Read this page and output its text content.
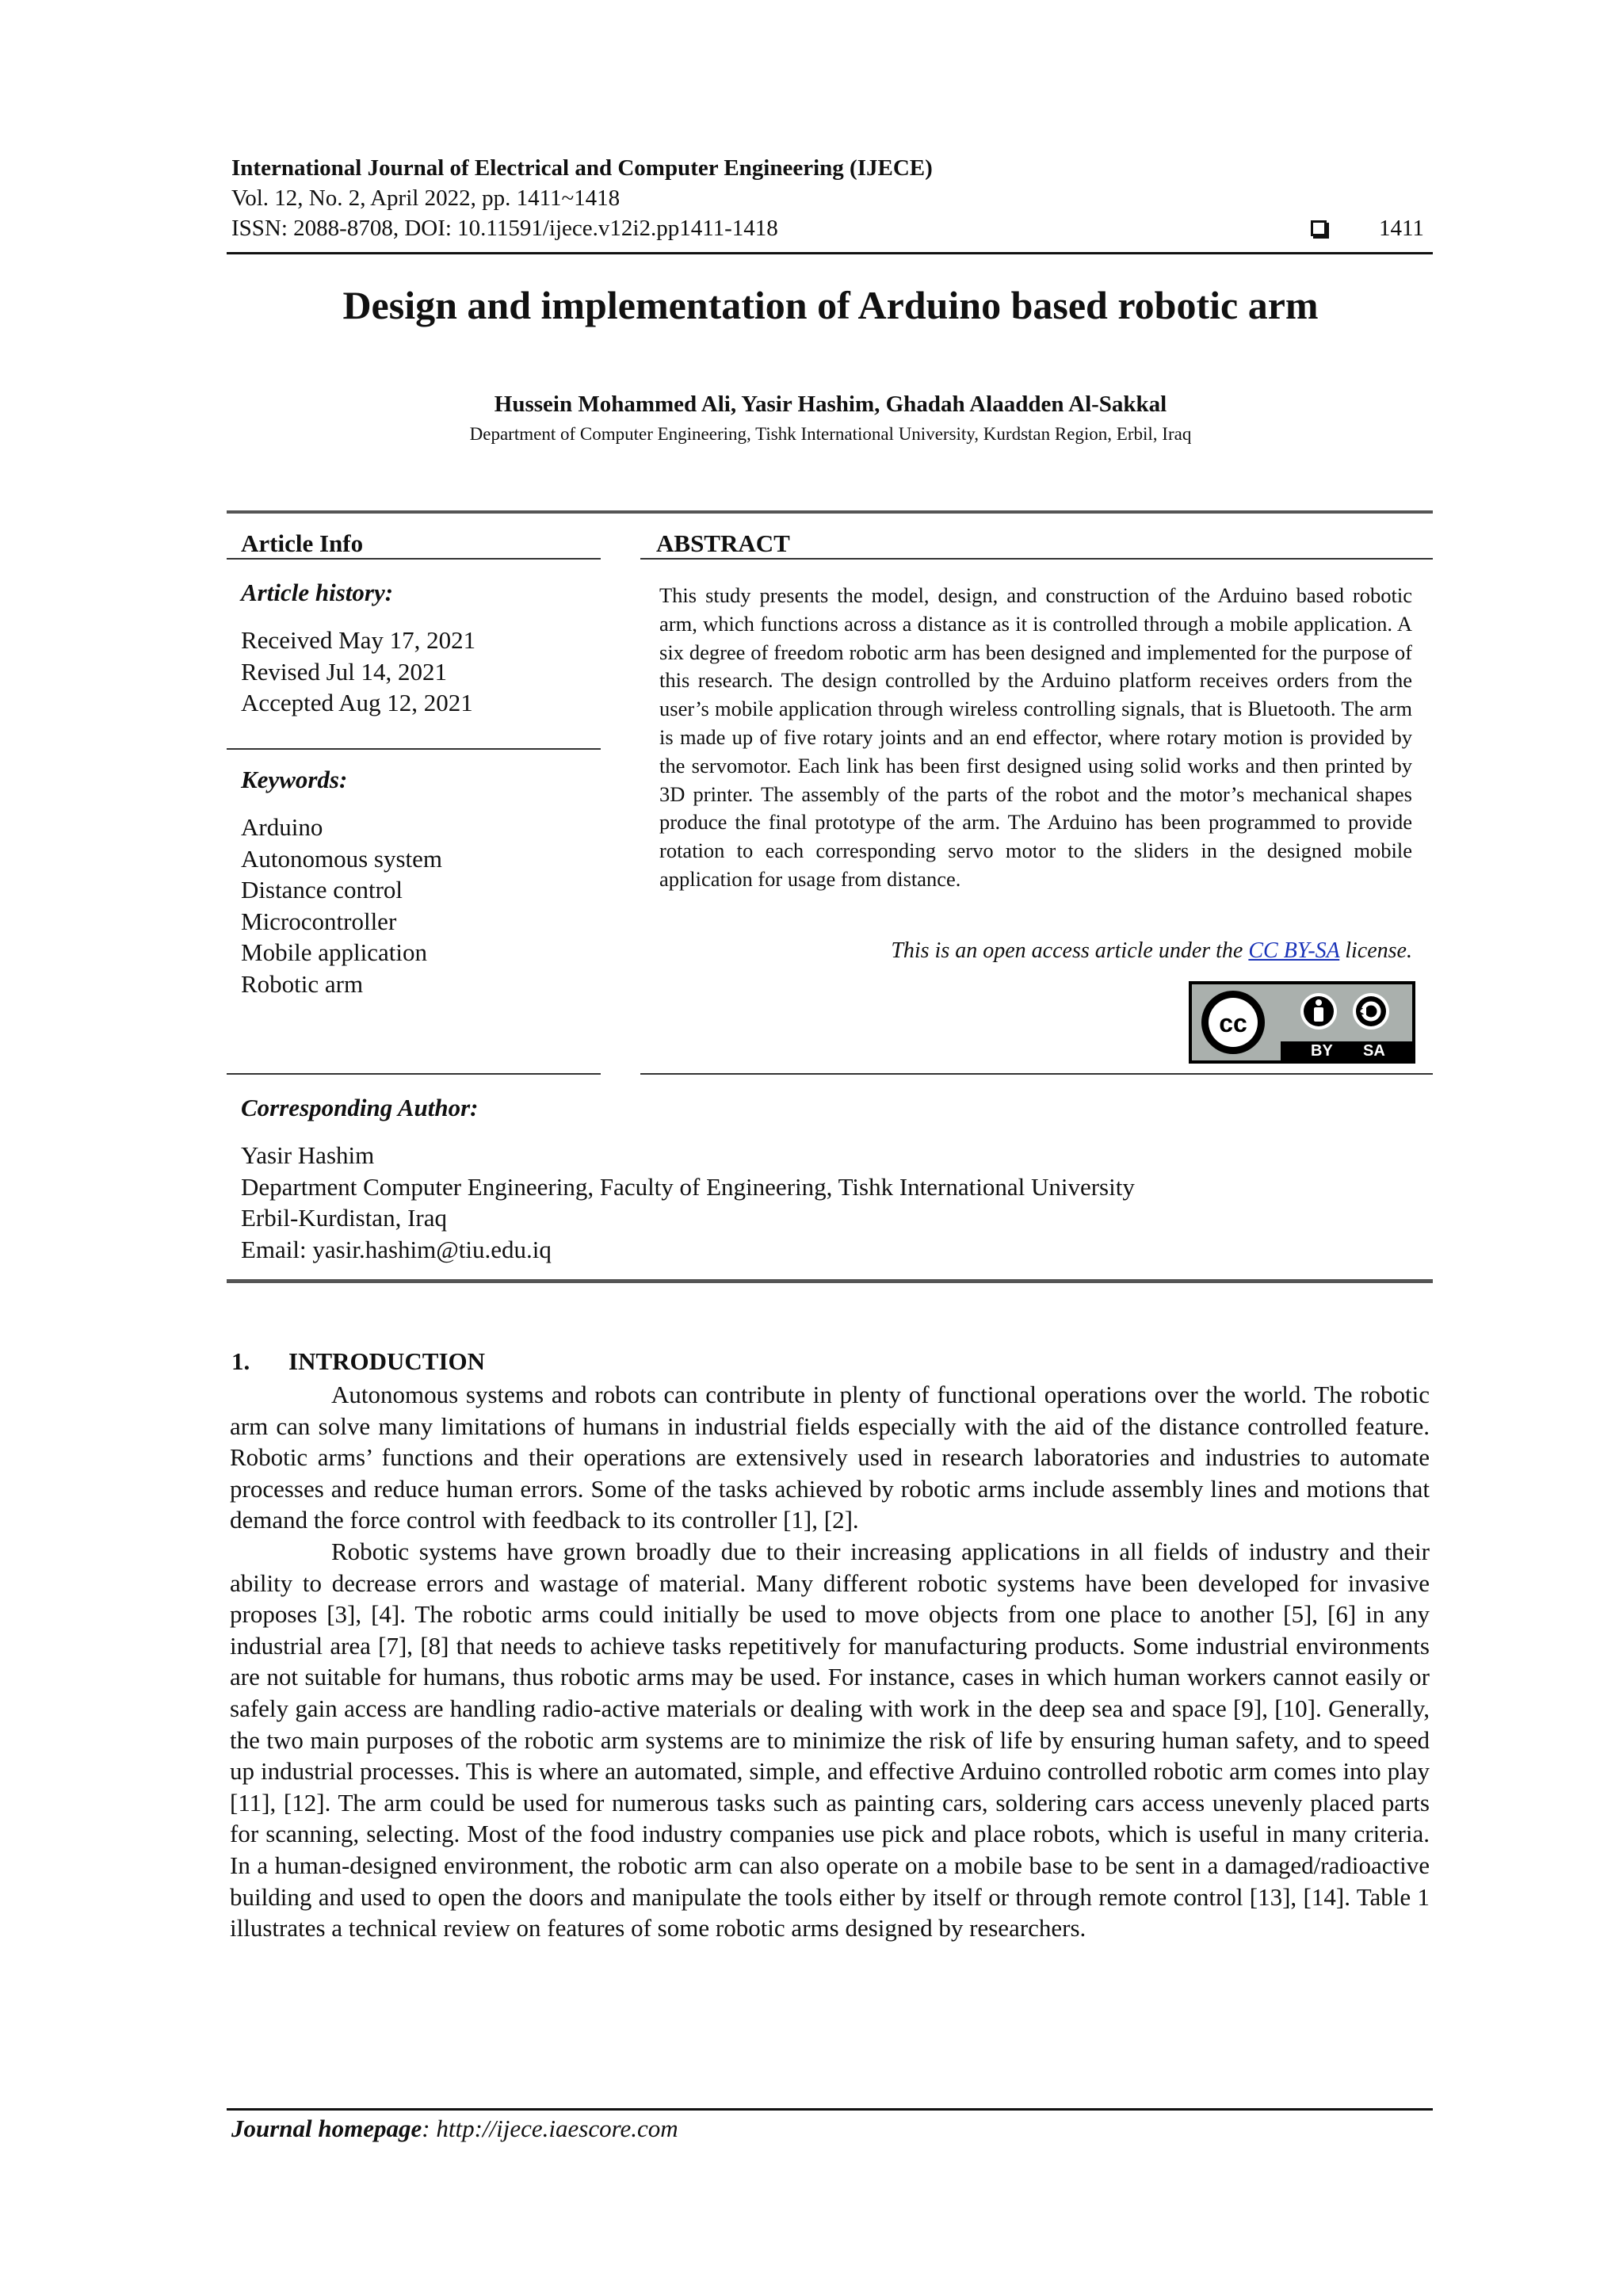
International Journal of Electrical and Computer Engineering (IJECE)
Vol. 12, No. 2, April 2022, pp. 1411~1418
ISSN: 2088-8708, DOI: 10.11591/ijece.v12i2.pp1411-1418	1411
Design and implementation of Arduino based robotic arm
Hussein Mohammed Ali, Yasir Hashim, Ghadah Alaadden Al-Sakkal
Department of Computer Engineering, Tishk International University, Kurdstan Region, Erbil, Iraq
Article Info
Article history:
Received May 17, 2021
Revised Jul 14, 2021
Accepted Aug 12, 2021
Keywords:
Arduino
Autonomous system
Distance control
Microcontroller
Mobile application
Robotic arm
ABSTRACT
This study presents the model, design, and construction of the Arduino based robotic arm, which functions across a distance as it is controlled through a mobile application. A six degree of freedom robotic arm has been designed and implemented for the purpose of this research. The design controlled by the Arduino platform receives orders from the user’s mobile application through wireless controlling signals, that is Bluetooth. The arm is made up of five rotary joints and an end effector, where rotary motion is provided by the servomotor. Each link has been first designed using solid works and then printed by 3D printer. The assembly of the parts of the robot and the motor’s mechanical shapes produce the final prototype of the arm. The Arduino has been programmed to provide rotation to each corresponding servo motor to the sliders in the designed mobile application for usage from distance.
This is an open access article under the CC BY-SA license.
cc
BY SA
Corresponding Author:
Yasir Hashim
Department Computer Engineering, Faculty of Engineering, Tishk International University
Erbil-Kurdistan, Iraq
Email: yasir.hashim@tiu.edu.iq
1. INTRODUCTION

Autonomous systems and robots can contribute in plenty of functional operations over the world. The robotic arm can solve many limitations of humans in industrial fields especially with the aid of the distance controlled feature. Robotic arms’ functions and their operations are extensively used in research laboratories and industries to automate processes and reduce human errors. Some of the tasks achieved by robotic arms include assembly lines and motions that demand the force control with feedback to its controller [1], [2].

Robotic systems have grown broadly due to their increasing applications in all fields of industry and their ability to decrease errors and wastage of material. Many different robotic systems have been developed for invasive proposes [3], [4]. The robotic arms could initially be used to move objects from one place to another [5], [6] in any industrial area [7], [8] that needs to achieve tasks repetitively for manufacturing products. Some industrial environments are not suitable for humans, thus robotic arms may be used. For instance, cases in which human workers cannot easily or safely gain access are handling radio-active materials or dealing with work in the deep sea and space [9], [10]. Generally, the two main purposes of the robotic arm systems are to minimize the risk of life by ensuring human safety, and to speed up industrial processes. This is where an automated, simple, and effective Arduino controlled robotic arm comes into play [11], [12]. The arm could be used for numerous tasks such as painting cars, soldering cars access unevenly placed parts for scanning, selecting. Most of the food industry companies use pick and place robots, which is useful in many criteria. In a human-designed environment, the robotic arm can also operate on a mobile base to be sent in a damaged/radioactive building and used to open the doors and manipulate the tools either by itself or through remote control [13], [14]. Table 1 illustrates a technical review on features of some robotic arms designed by researchers.

Journal homepage: http://ijece.iaescore.com
